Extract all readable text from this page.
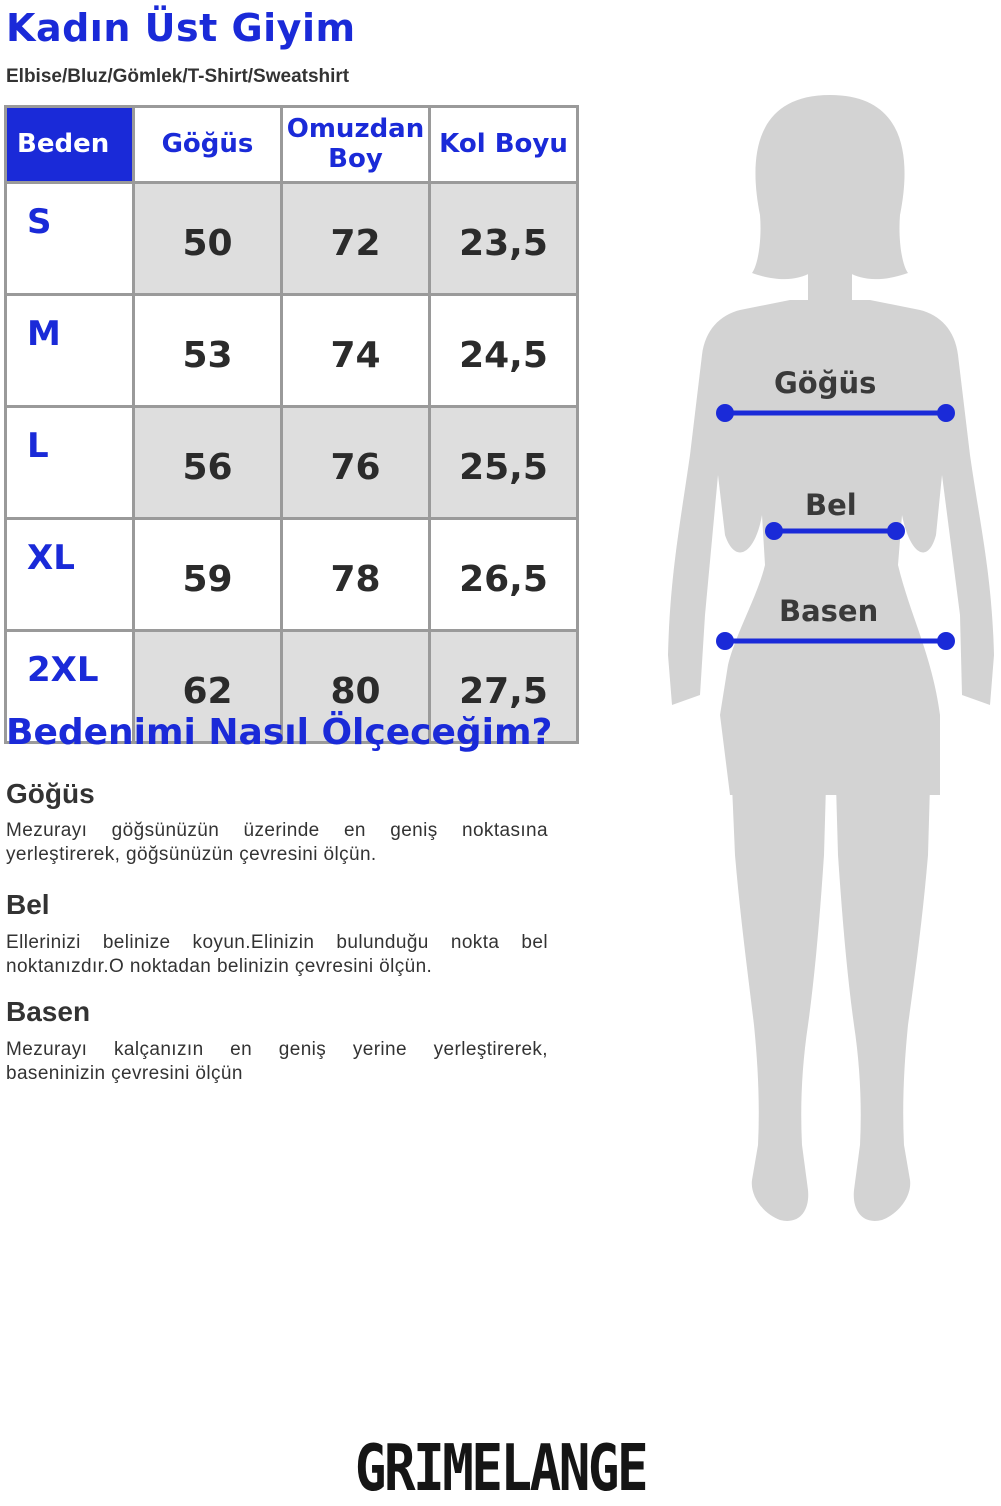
Kadın Üst Giyim
Elbise/Bluz/Gömlek/T-Shirt/Sweatshirt
Beden	Göğüs	Omuzdan Boy	Kol Boyu
S	50	72	23,5
M	53	74	24,5
L	56	76	25,5
XL	59	78	26,5
2XL	62	80	27,5
Bedenimi Nasıl Ölçeceğim?
Göğüs
Mezurayı göğsünüzün üzerinde en geniş noktasına yerleştirerek, göğsünüzün çevresini ölçün.
Bel
Ellerinizi belinize koyun.Elinizin bulunduğu nokta bel noktanızdır.O noktadan belinizin çevresini ölçün.
Basen
Mezurayı kalçanızın en geniş yerine yerleştirerek, baseninizin çevresini ölçün
Göğüs
Bel
Basen
GRIMELANGE
